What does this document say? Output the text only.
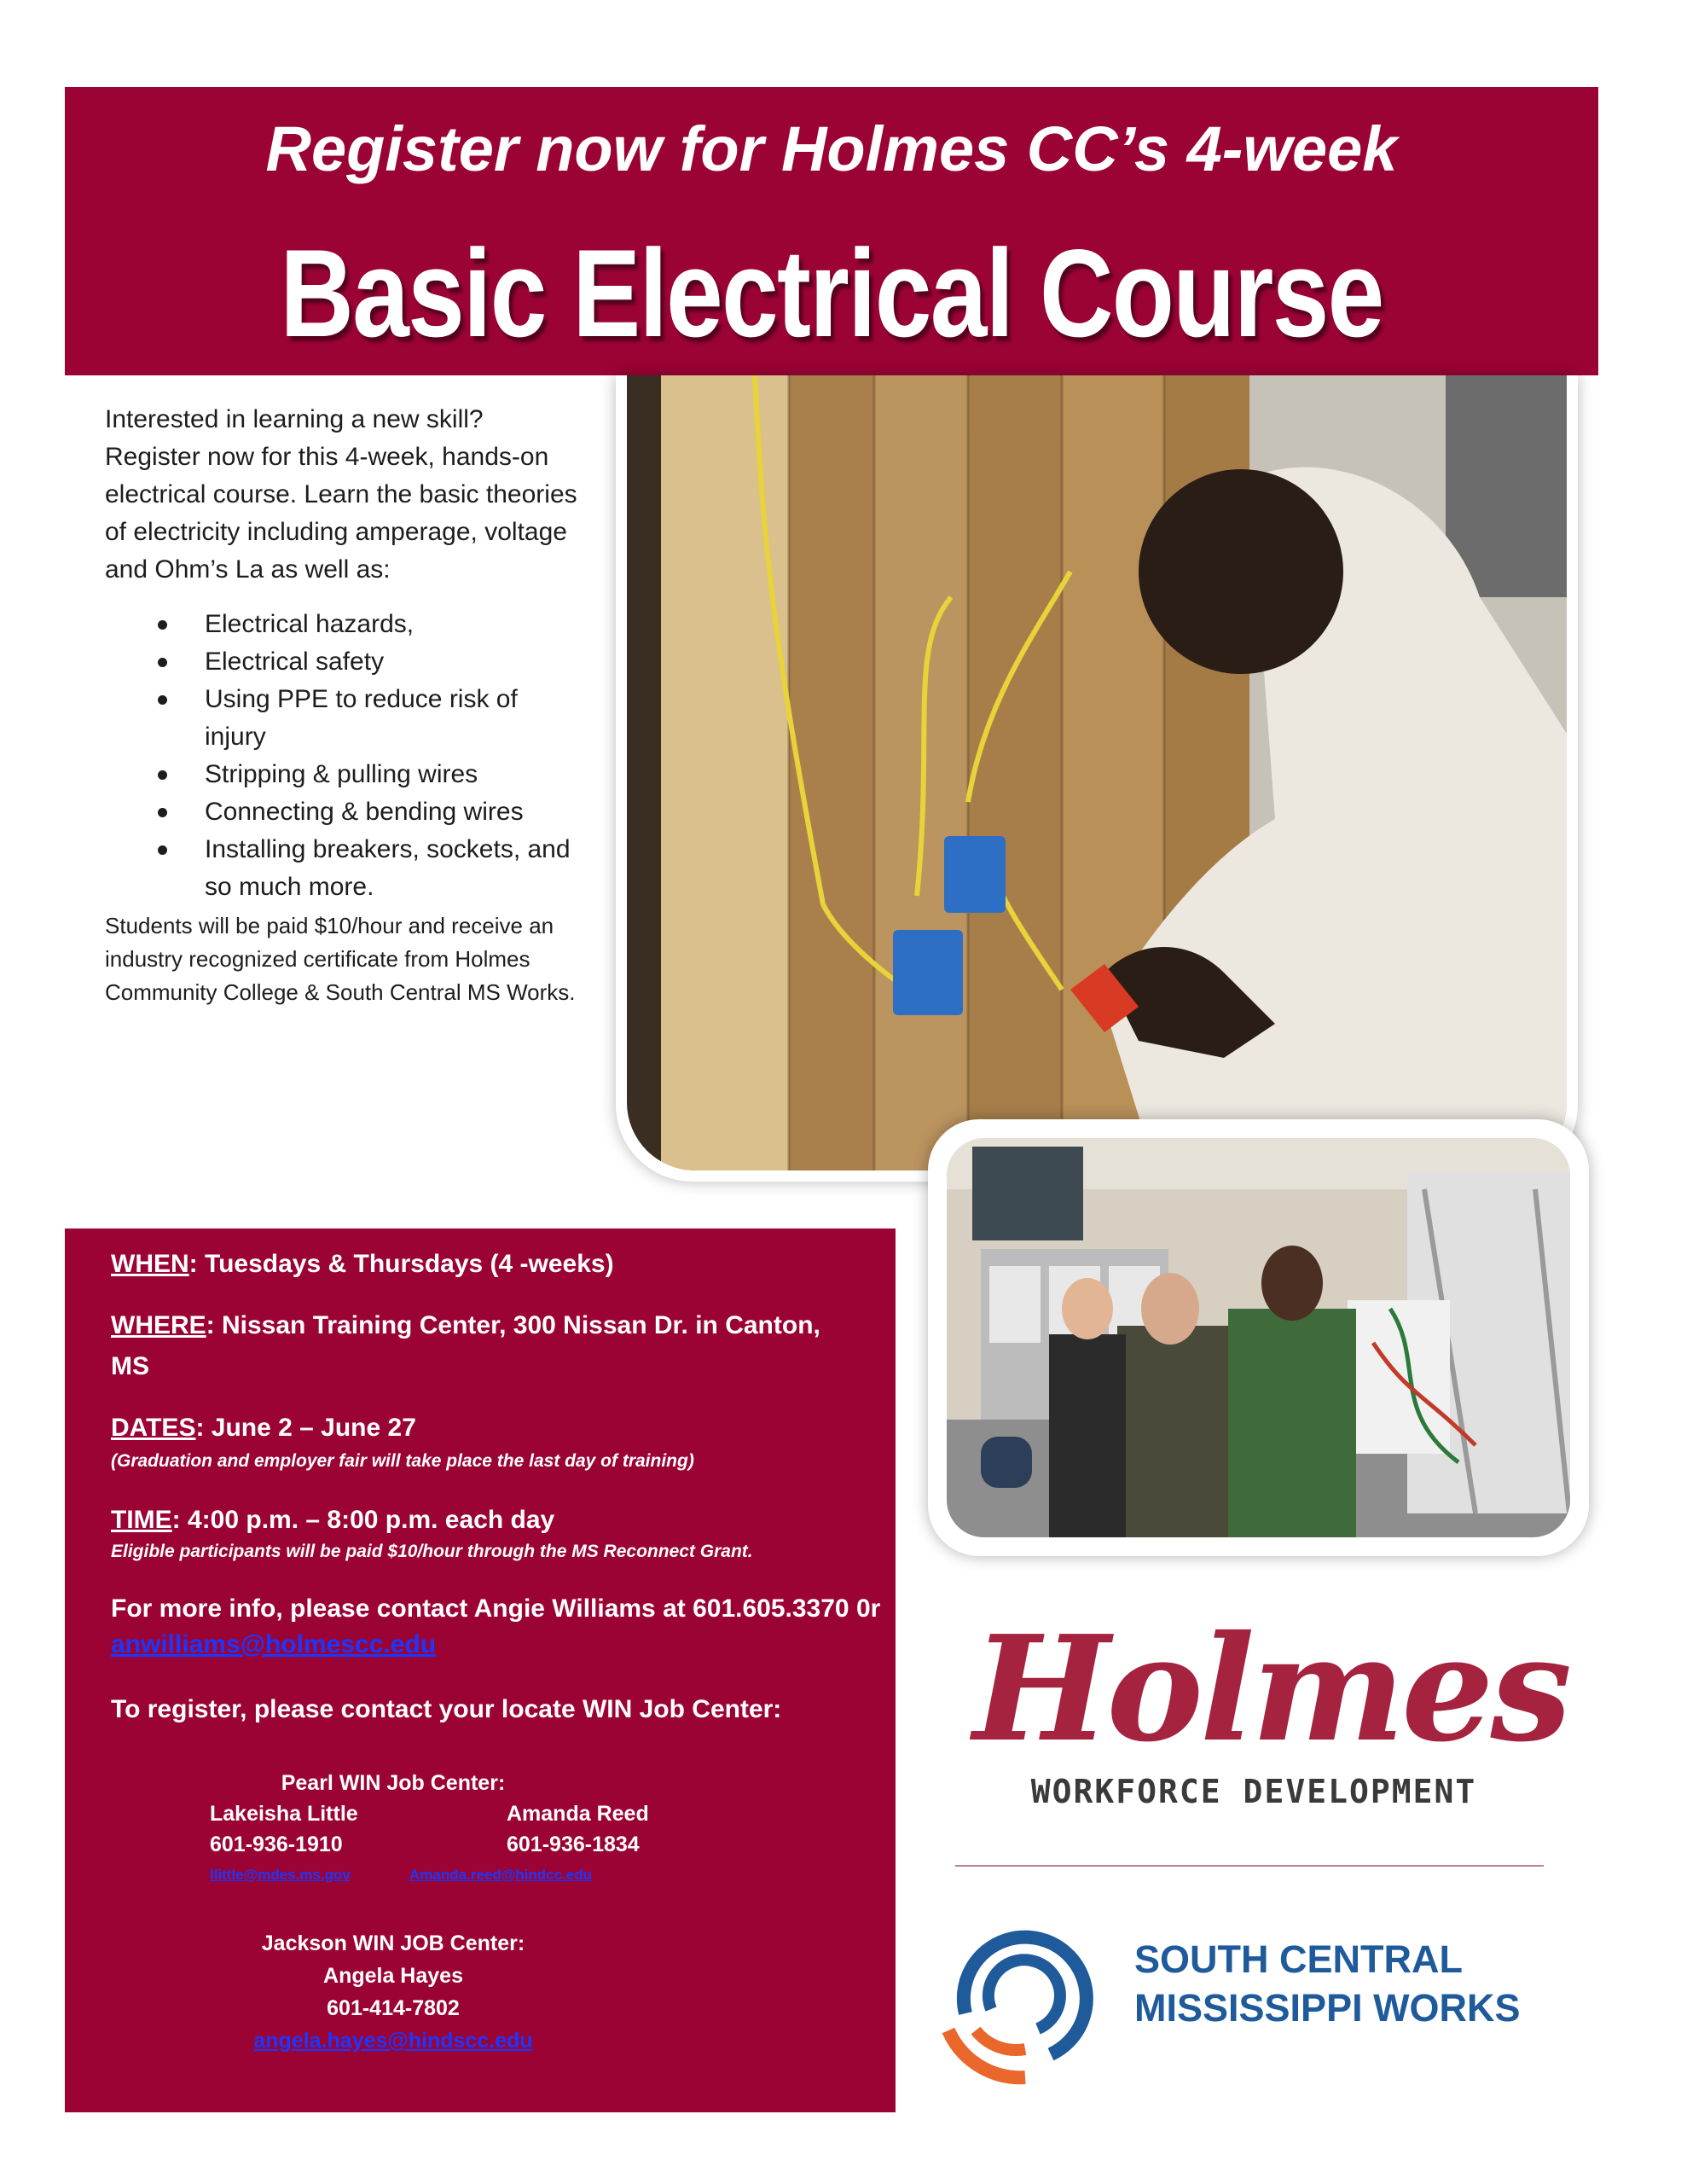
Register now for Holmes CC’s 4-week
Basic Electrical Course

Interested in learning a new skill? Register now for this 4-week, hands-on electrical course. Learn the basic theories of electricity including amperage, voltage and Ohm’s La as well as:

Electrical hazards,
Electrical safety
Using PPE to reduce risk of injury
Stripping & pulling wires
Connecting & bending wires
Installing breakers, sockets, and so much more.

Students will be paid $10/hour and receive an industry recognized certificate from Holmes Community College & South Central MS Works.

WHEN: Tuesdays & Thursdays (4 -weeks)
WHERE: Nissan Training Center, 300 Nissan Dr. in Canton,
MS
DATES: June 2 – June 27
(Graduation and employer fair will take place the last day of training)
TIME: 4:00 p.m. – 8:00 p.m. each day
Eligible participants will be paid $10/hour through the MS Reconnect Grant.
For more info, please contact Angie Williams at 601.605.3370 0r
anwilliams@holmescc.edu
To register, please contact your locate WIN Job Center:
Pearl WIN Job Center:
Lakeisha Little	Amanda Reed
601-936-1910	601-936-1834
llittle@mdes.ms.gov	Amanda.reed@hindcc.edu
Jackson WIN JOB Center:
Angela Hayes
601-414-7802
angela.hayes@hindscc.edu
Holmes
WORKFORCE DEVELOPMENT
SOUTH CENTRAL
MISSISSIPPI WORKS
